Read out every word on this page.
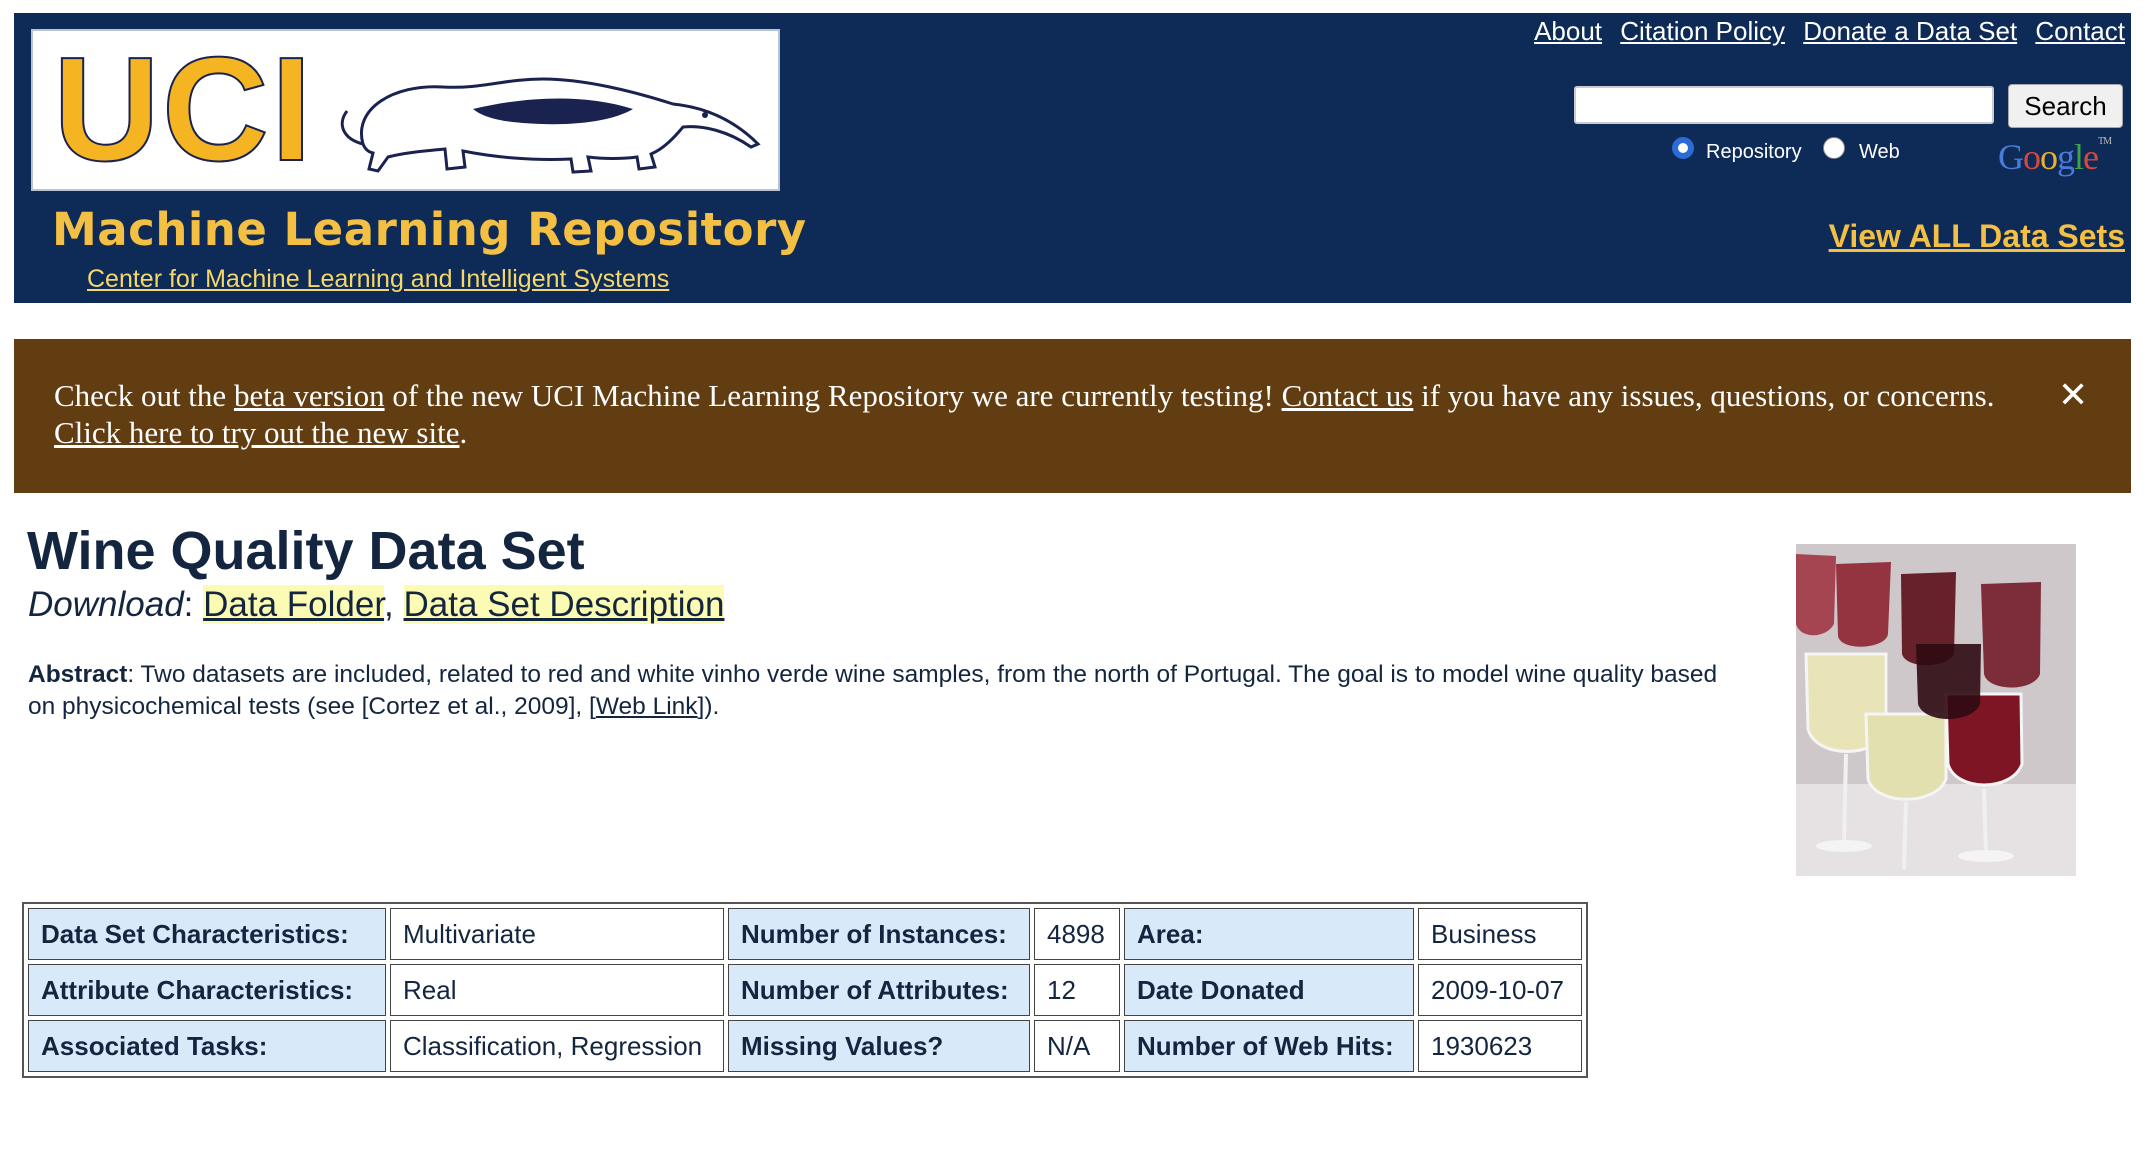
UCI
Machine Learning Repository
Center for Machine Learning and Intelligent Systems
About Citation Policy Donate a Data Set Contact
Search
Repository	Web	Google™
View ALL Data Sets
Check out the beta version of the new UCI Machine Learning Repository we are currently testing! Contact us if you have any issues, questions, or concerns. Click here to try out the new site.
✕
Wine Quality Data Set
Download: Data Folder, Data Set Description
Abstract: Two datasets are included, related to red and white vinho verde wine samples, from the north of Portugal. The goal is to model wine quality based on physicochemical tests (see [Cortez et al., 2009], [Web Link]).
Data Set Characteristics:	Multivariate	Number of Instances:	4898	Area:	Business
Attribute Characteristics:	Real	Number of Attributes:	12	Date Donated	2009-10-07
Associated Tasks:	Classification, Regression	Missing Values?	N/A	Number of Web Hits:	1930623
